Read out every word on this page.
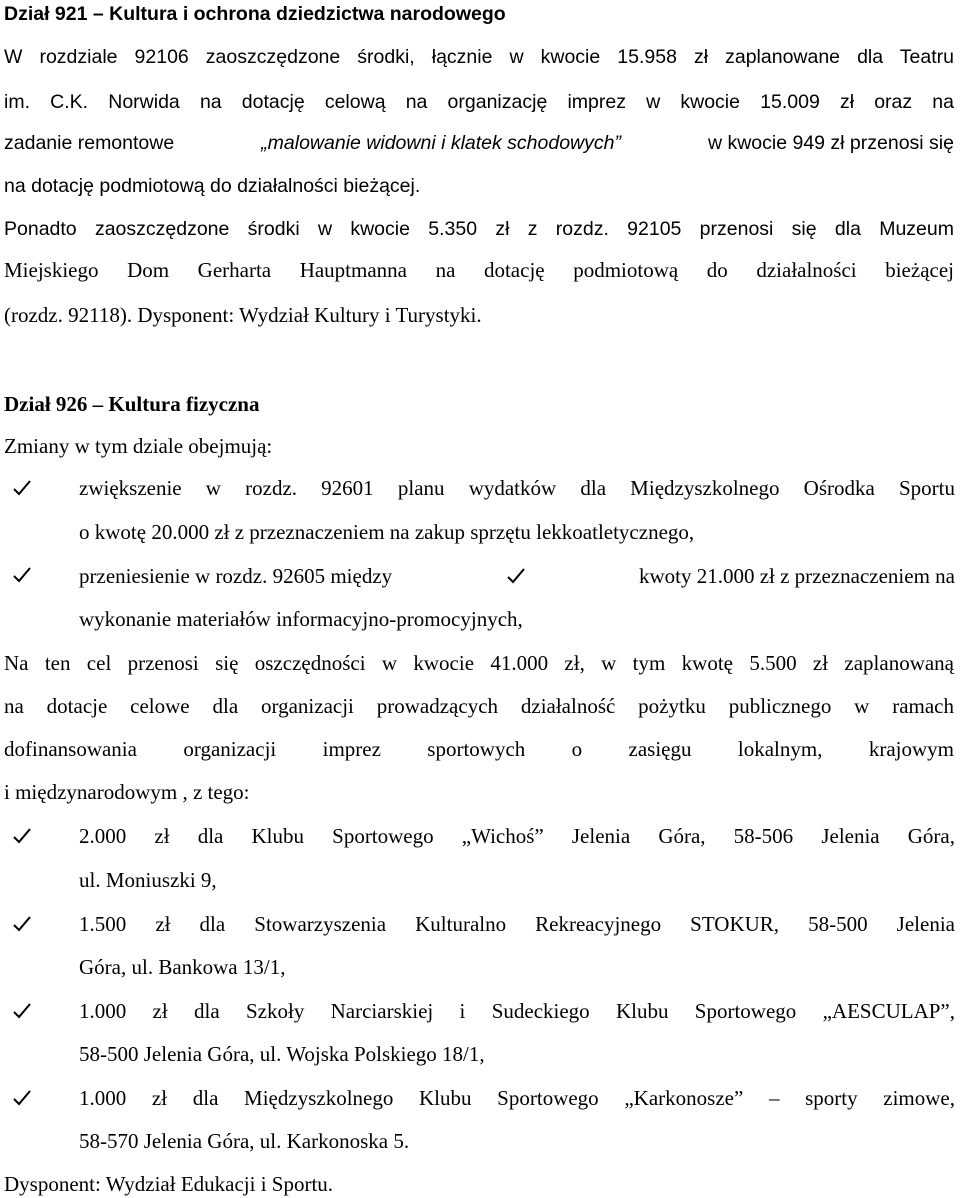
Dział 921 – Kultura i ochrona dziedzictwa narodowego
W rozdziale 92106 zaoszczędzone środki, łącznie w kwocie 15.958 zł zaplanowane dla Teatru
im. C.K. Norwida na dotację celową na organizację imprez w kwocie 15.009 zł oraz na
zadanie remontowe	„malowanie widowni i klatek schodowych”	w kwocie 949 zł przenosi się
na dotację podmiotową do działalności bieżącej.
Ponadto zaoszczędzone środki w kwocie 5.350 zł z rozdz. 92105 przenosi się dla Muzeum
Miejskiego Dom Gerharta Hauptmanna na dotację podmiotową do działalności bieżącej
(rozdz. 92118). Dysponent: Wydział Kultury i Turystyki.
Dział 926 – Kultura fizyczna
Zmiany w tym dziale obejmują:
zwiększenie w rozdz. 92601 planu wydatków dla Międzyszkolnego Ośrodka Sportu
o kwotę 20.000 zł z przeznaczeniem na zakup sprzętu lekkoatletycznego,
przeniesienie w rozdz. 92605 między	kwoty 21.000 zł z przeznaczeniem na
wykonanie materiałów informacyjno-promocyjnych,
Na ten cel przenosi się oszczędności w kwocie 41.000 zł, w tym kwotę 5.500 zł zaplanowaną
na dotacje celowe dla organizacji prowadzących działalność pożytku publicznego w ramach
dofinansowania organizacji imprez sportowych o zasięgu lokalnym, krajowym
i międzynarodowym , z tego:
2.000 zł dla Klubu Sportowego „Wichoś” Jelenia Góra, 58-506 Jelenia Góra,
ul. Moniuszki 9,
1.500 zł dla Stowarzyszenia Kulturalno Rekreacyjnego STOKUR, 58-500 Jelenia
Góra, ul. Bankowa 13/1,
1.000 zł dla Szkoły Narciarskiej i Sudeckiego Klubu Sportowego „AESCULAP”,
58-500 Jelenia Góra, ul. Wojska Polskiego 18/1,
1.000 zł dla Międzyszkolnego Klubu Sportowego „Karkonosze” – sporty zimowe,
58-570 Jelenia Góra, ul. Karkonoska 5.
Dysponent: Wydział Edukacji i Sportu.
